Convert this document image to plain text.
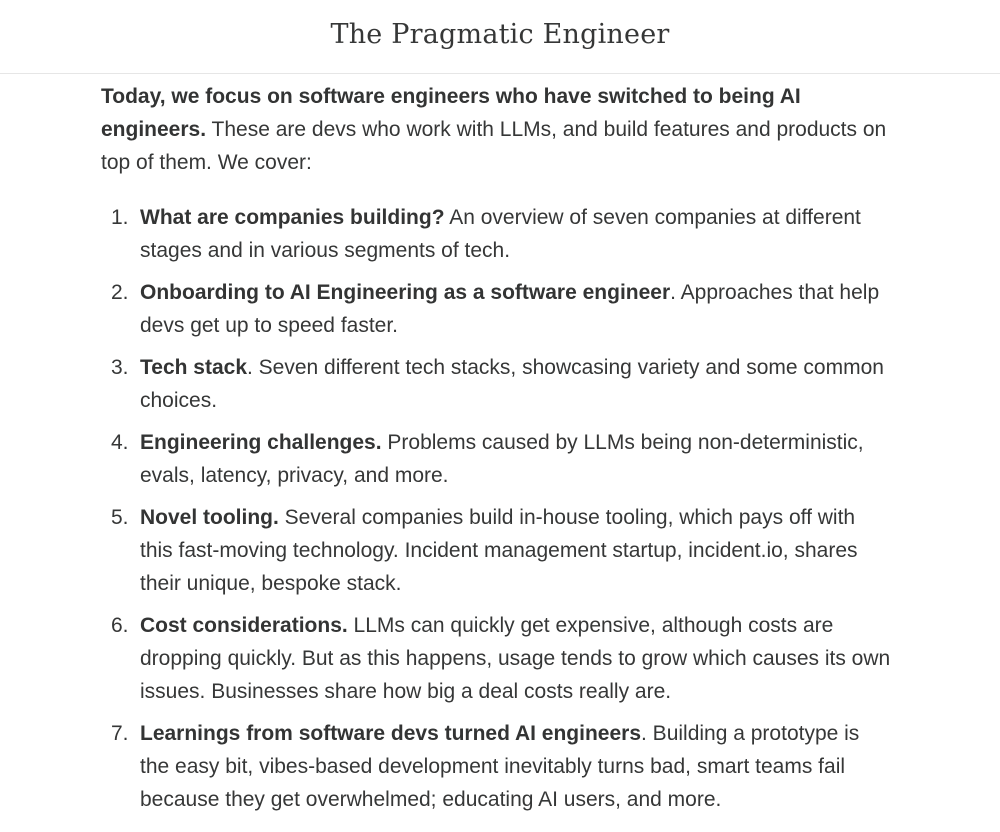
The Pragmatic Engineer

Today, we focus on software engineers who have switched to being AI engineers. These are devs who work with LLMs, and build features and products on top of them. We cover:

1. What are companies building? An overview of seven companies at different stages and in various segments of tech.
2. Onboarding to AI Engineering as a software engineer. Approaches that help devs get up to speed faster.
3. Tech stack. Seven different tech stacks, showcasing variety and some common choices.
4. Engineering challenges. Problems caused by LLMs being non-deterministic, evals, latency, privacy, and more.
5. Novel tooling. Several companies build in-house tooling, which pays off with this fast-moving technology. Incident management startup, incident.io, shares their unique, bespoke stack.
6. Cost considerations. LLMs can quickly get expensive, although costs are dropping quickly. But as this happens, usage tends to grow which causes its own issues. Businesses share how big a deal costs really are.
7. Learnings from software devs turned AI engineers. Building a prototype is the easy bit, vibes-based development inevitably turns bad, smart teams fail because they get overwhelmed; educating AI users, and more.
